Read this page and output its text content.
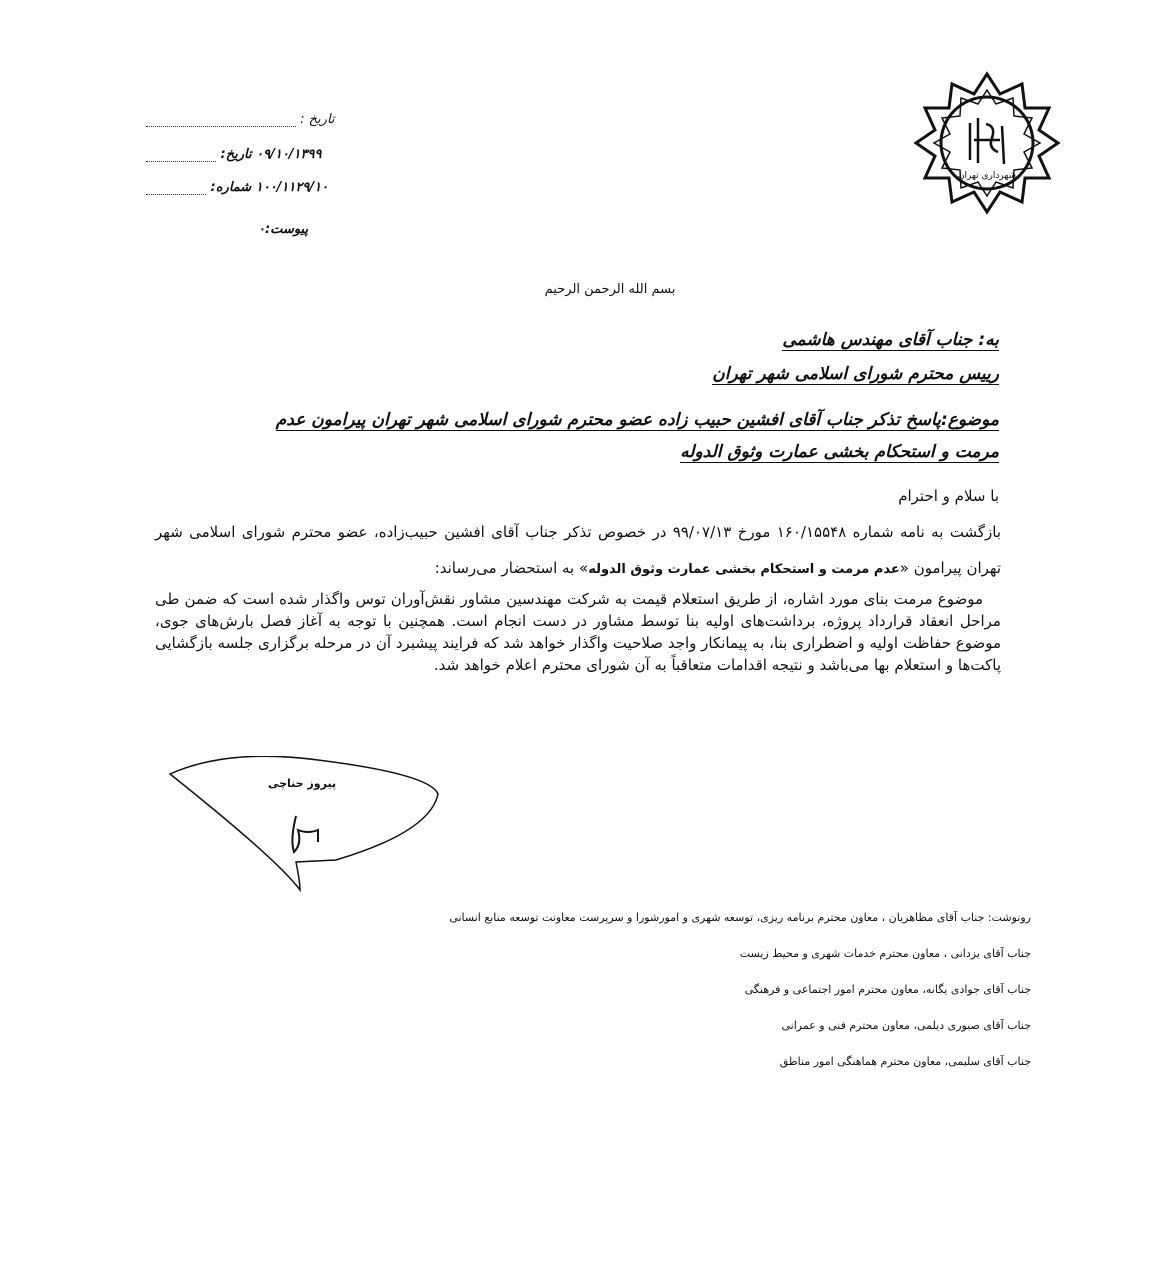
شهرداری تهران
تاریخ :
۰۹/۱۰/۱۳۹۹ تاریخ:
۱۰۰/۱۱۲۹/۱۰ شماره:
پیوست:۰
بسم الله الرحمن الرحیم
به: جناب آقای مهندس هاشمی
رییس محترم شورای اسلامی شهر تهران
موضوع:پاسخ تذکر جناب آقای افشین حبیب زاده عضو محترم شورای اسلامی شهر تهران پیرامون عدم مرمت و استحکام بخشی عمارت وثوق الدوله
با سلام و احترام
بازگشت به نامه شماره ۱۶۰/۱۵۵۴۸ مورخ ۹۹/۰۷/۱۳ در خصوص تذکر جناب آقای افشین حبیب‌زاده، عضو محترم شورای اسلامی شهر تهران پیرامون «عدم مرمت و استحکام بخشی عمارت وثوق الدوله» به استحضار می‌رساند:
موضوع مرمت بنای مورد اشاره، از طریق استعلام قیمت به شرکت مهندسین مشاور نقش‌آوران توس واگذار شده است که ضمن طی مراحل انعقاد قرارداد پروژه، برداشت‌های اولیه بنا توسط مشاور در دست انجام است. همچنین با توجه به آغاز فصل بارش‌های جوی، موضوع حفاظت اولیه و اضطراری بنا، به پیمانکار واجد صلاحیت واگذار خواهد شد که فرایند پیشبرد آن در مرحله برگزاری جلسه بازگشایی پاکت‌ها و استعلام بها می‌باشد و نتیجه اقدامات متعاقباً به آن شورای محترم اعلام خواهد شد.
پیروز حناچی
رونوشت: جناب آقای مظاهریان ، معاون محترم برنامه ریزی، توسعه شهری و امورشورا و سرپرست معاونت توسعه منابع انسانی
جناب آقای یزدانی ، معاون محترم خدمات شهری و محیط زیست
جناب آقای جوادی یگانه، معاون محترم امور اجتماعی و فرهنگی
جناب آقای صبوری دیلمی، معاون محترم فنی و عمرانی
جناب آقای سلیمی، معاون محترم هماهنگی امور مناطق
